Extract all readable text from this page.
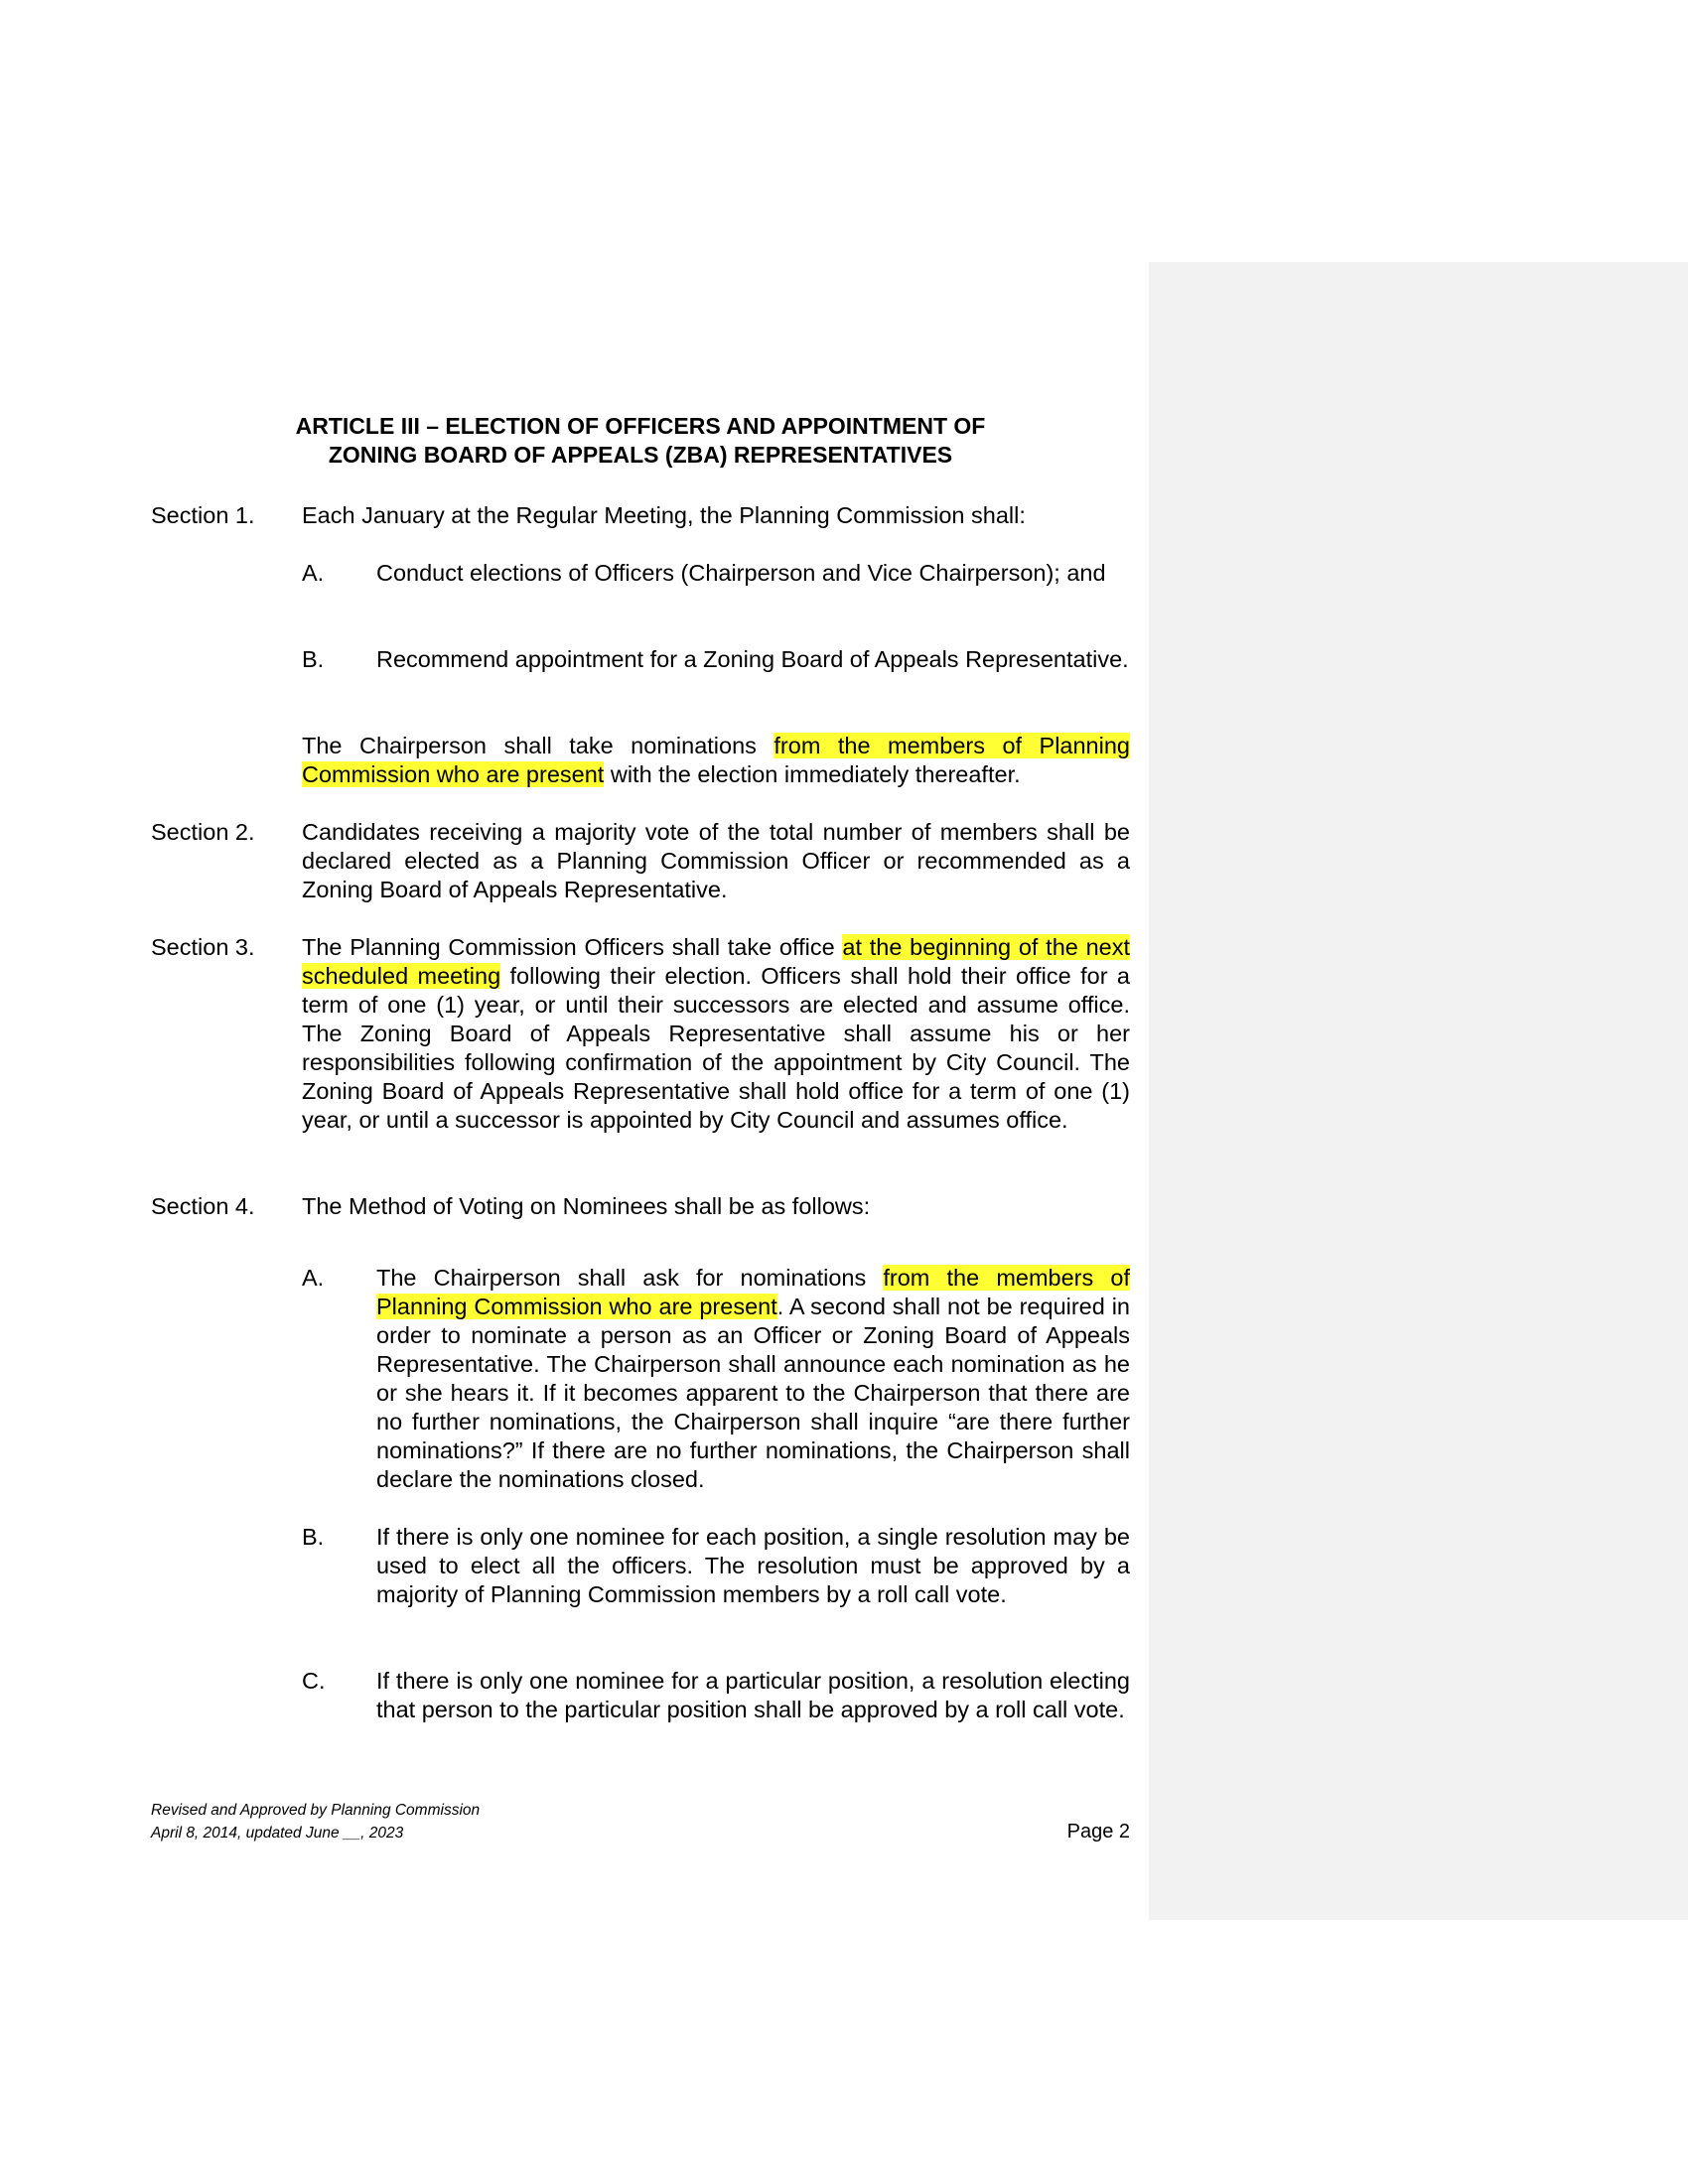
ARTICLE III – ELECTION OF OFFICERS AND APPOINTMENT OF
ZONING BOARD OF APPEALS (ZBA) REPRESENTATIVES
Section 1. Each January at the Regular Meeting, the Planning Commission shall:
A. Conduct elections of Officers (Chairperson and Vice Chairperson); and
B. Recommend appointment for a Zoning Board of Appeals Representative.
The Chairperson shall take nominations from the members of Planning Commission who are present with the election immediately thereafter.
Section 2. Candidates receiving a majority vote of the total number of members shall be declared elected as a Planning Commission Officer or recommended as a Zoning Board of Appeals Representative.
Section 3. The Planning Commission Officers shall take office at the beginning of the next scheduled meeting following their election. Officers shall hold their office for a term of one (1) year, or until their successors are elected and assume office. The Zoning Board of Appeals Representative shall assume his or her responsibilities following confirmation of the appointment by City Council. The Zoning Board of Appeals Representative shall hold office for a term of one (1) year, or until a successor is appointed by City Council and assumes office.
Section 4. The Method of Voting on Nominees shall be as follows:
A. The Chairperson shall ask for nominations from the members of Planning Commission who are present. A second shall not be required in order to nominate a person as an Officer or Zoning Board of Appeals Representative. The Chairperson shall announce each nomination as he or she hears it. If it becomes apparent to the Chairperson that there are no further nominations, the Chairperson shall inquire “are there further nominations?” If there are no further nominations, the Chairperson shall declare the nominations closed.
B. If there is only one nominee for each position, a single resolution may be used to elect all the officers. The resolution must be approved by a majority of Planning Commission members by a roll call vote.
C. If there is only one nominee for a particular position, a resolution electing that person to the particular position shall be approved by a roll call vote.
Revised and Approved by Planning Commission
April 8, 2014, updated June __, 2023	Page 2
